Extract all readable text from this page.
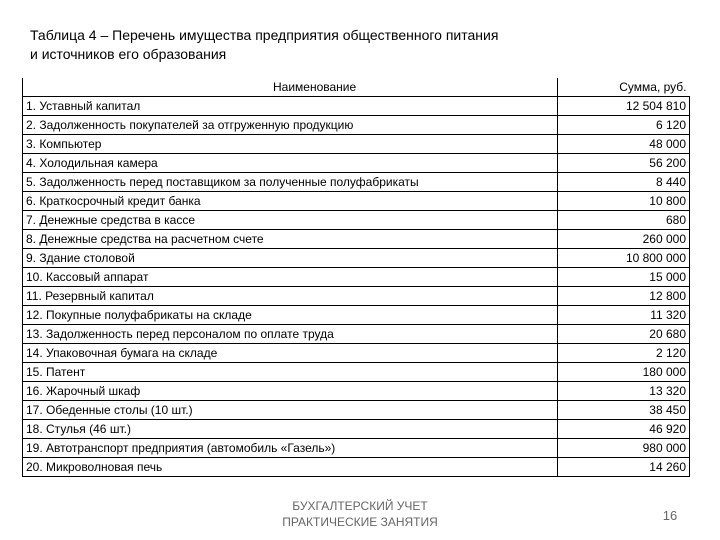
Таблица 4 – Перечень имущества предприятия общественного питания
и источников его образования
Наименование	Сумма, руб.
1. Уставный капитал	12 504 810
2. Задолженность покупателей за отгруженную продукцию	6 120
3. Компьютер	48 000
4. Холодильная камера	56 200
5. Задолженность перед поставщиком за полученные полуфабрикаты	8 440
6. Краткосрочный кредит банка	10 800
7. Денежные средства в кассе	680
8. Денежные средства на расчетном счете	260 000
9. Здание столовой	10 800 000
10. Кассовый аппарат	15 000
11. Резервный капитал	12 800
12. Покупные полуфабрикаты на складе	11 320
13. Задолженность перед персоналом по оплате труда	20 680
14. Упаковочная бумага на складе	2 120
15. Патент	180 000
16. Жарочный шкаф	13 320
17. Обеденные столы (10 шт.)	38 450
18. Стулья (46 шт.)	46 920
19. Автотранспорт предприятия (автомобиль «Газель»)	980 000
20. Микроволновая печь	14 260
БУХГАЛТЕРСКИЙ УЧЕТ
ПРАКТИЧЕСКИЕ ЗАНЯТИЯ	16
